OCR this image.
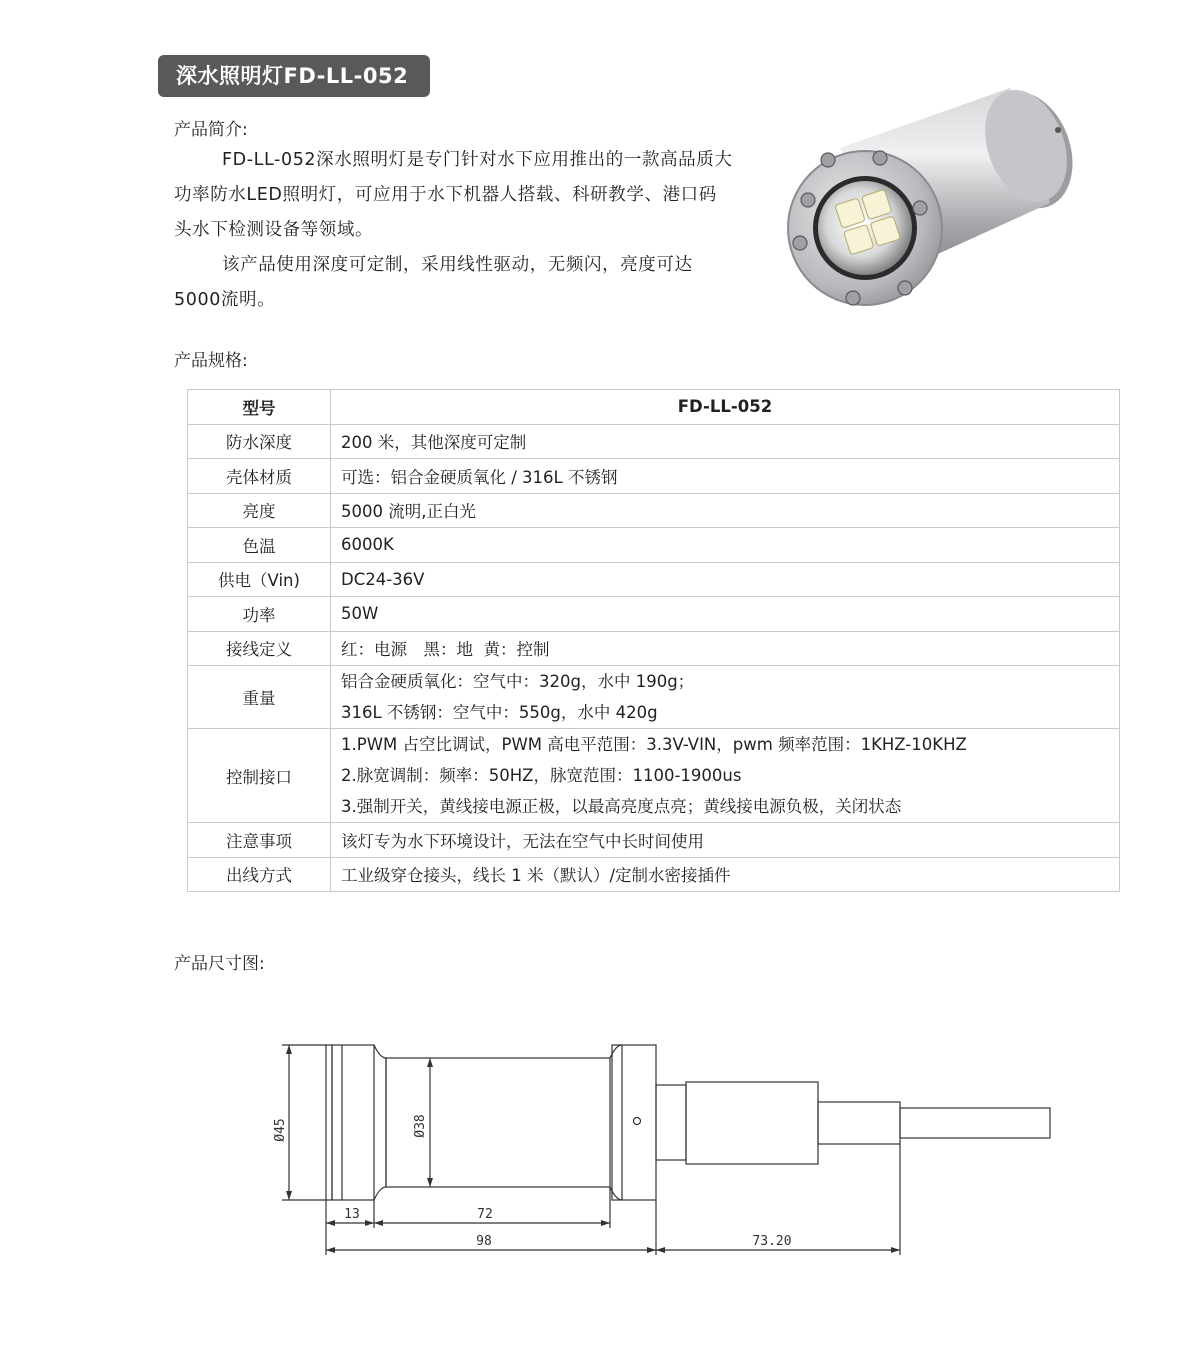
深水照明灯FD-LL-052
产品简介:

FD-LL-052深水照明灯是专门针对水下应用推出的一款高品质大功率防水LED照明灯，可应用于水下机器人搭载、科研教学、港口码头水下检测设备等领域。

该产品使用深度可定制，采用线性驱动，无频闪，亮度可达5000流明。

产品规格:
型号	FD-LL-052
防水深度	200 米，其他深度可定制

壳体材质	可选：铝合金硬质氧化 / 316L 不锈钢

亮度	5000 流明,正白光

色温	6000K

供电（Vin)	DC24-36V

功率	50W

接线定义	红：电源　黑：地  黄：控制

重量	铝合金硬质氧化：空气中：320g，水中 190g；
316L 不锈钢：空气中：550g，水中 420g

控制接口	1.PWM 占空比调试，PWM 高电平范围：3.3V-VIN，pwm 频率范围：1KHZ-10KHZ
2.脉宽调制：频率：50HZ，脉宽范围：1100-1900us
3.强制开关，黄线接电源正极，以最高亮度点亮；黄线接电源负极，关闭状态

注意事项	该灯专为水下环境设计，无法在空气中长时间使用

出线方式	工业级穿仓接头，线长 1 米（默认）/定制水密接插件
产品尺寸图:
Ø45	Ø38
13	72
98	73.20
